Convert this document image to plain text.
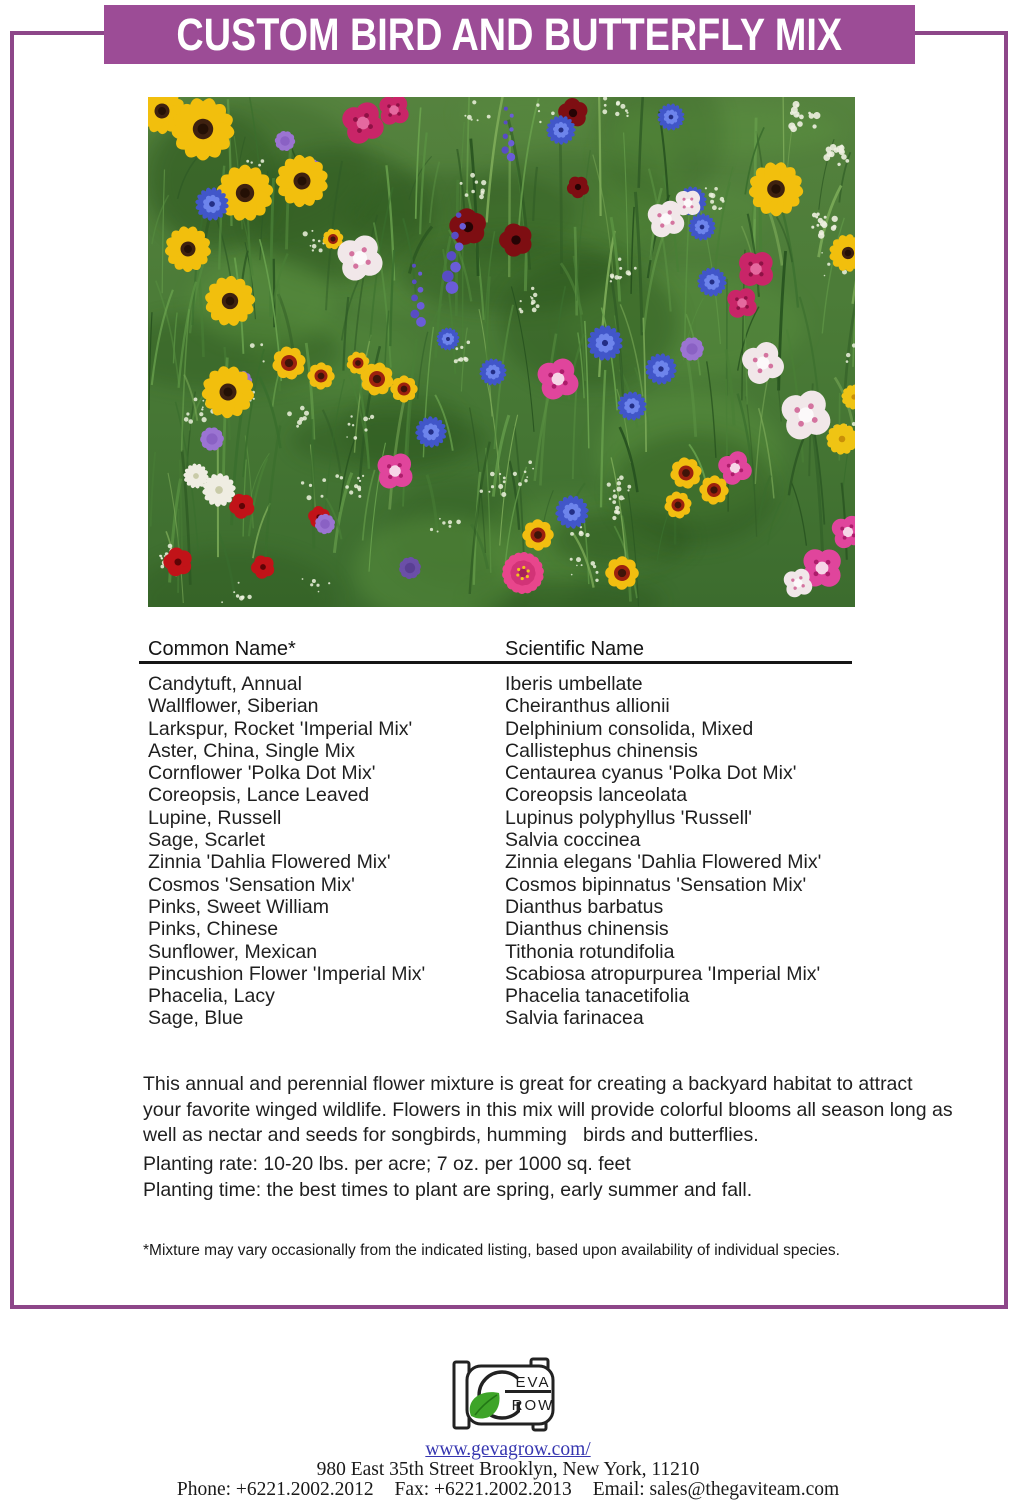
CUSTOM BIRD AND BUTTERFLY MIX
Common Name*	Scientific Name
Candytuft, Annual	Iberis umbellate
Wallflower, Siberian	Cheiranthus allionii
Larkspur, Rocket 'Imperial Mix'	Delphinium consolida, Mixed
Aster, China, Single Mix	Callistephus chinensis
Cornflower 'Polka Dot Mix'	Centaurea cyanus 'Polka Dot Mix'
Coreopsis, Lance Leaved	Coreopsis lanceolata
Lupine, Russell	Lupinus polyphyllus 'Russell'
Sage, Scarlet	Salvia coccinea
Zinnia 'Dahlia Flowered Mix'	Zinnia elegans 'Dahlia Flowered Mix'
Cosmos 'Sensation Mix'	Cosmos bipinnatus 'Sensation Mix'
Pinks, Sweet William	Dianthus barbatus
Pinks, Chinese	Dianthus chinensis
Sunflower, Mexican	Tithonia rotundifolia
Pincushion Flower 'Imperial Mix'	Scabiosa atropurpurea 'Imperial Mix'
Phacelia, Lacy	Phacelia tanacetifolia
Sage, Blue	Salvia farinacea
This annual and perennial flower mixture is great for creating a backyard habitat to attract your favorite winged wildlife. Flowers in this mix will provide colorful blooms all season long as well as nectar and seeds for songbirds, humming   birds and butterflies.
Planting rate: 10-20 lbs. per acre; 7 oz. per 1000 sq. feet
Planting time: the best times to plant are spring, early summer and fall.
*Mixture may vary occasionally from the indicated listing, based upon availability of individual species.
EVA
ROW
www.gevagrow.com/
980 East 35th Street Brooklyn, New York, 11210
Phone: +6221.2002.2012 Fax: +6221.2002.2013 Email: sales@thegaviteam.com
